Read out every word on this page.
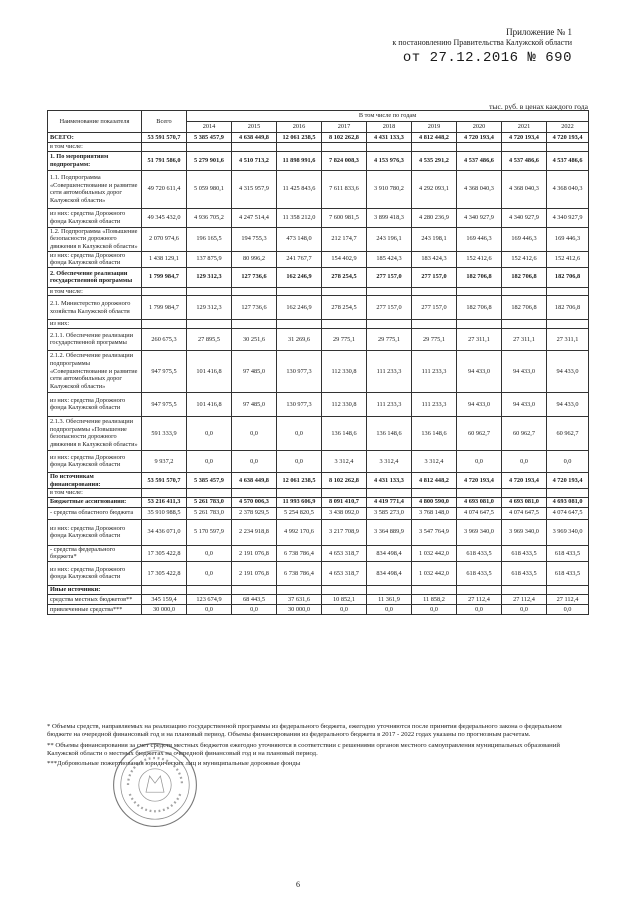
Приложение № 1
к постановлению Правительства Калужской области
от 27.12.2016 № 690
тыс. руб. в ценах каждого года
Наименование показателя	Всего	В том числе по годам								
		2014	2015	2016	2017	2018	2019	2020	2021	2022
ВСЕГО:	53 591 570,7	5 385 457,9	4 638 449,8	12 061 238,5	8 102 262,8	4 431 133,3	4 812 448,2	4 720 193,4	4 720 193,4	4 720 193,4
в том числе:										
1. По мероприятиям подпрограмм:	51 791 586,0	5 279 901,6	4 510 713,2	11 898 991,6	7 824 008,3	4 153 976,3	4 535 291,2	4 537 486,6	4 537 486,6	4 537 486,6
1.1. Подпрограмма «Совершенствование и развитие сети автомобильных дорог Калужской области»	49 720 611,4	5 059 980,1	4 315 957,9	11 425 843,6	7 611 833,6	3 910 780,2	4 292 093,1	4 368 040,3	4 368 040,3	4 368 040,3
из них: средства Дорожного фонда Калужской области	49 345 432,0	4 936 705,2	4 247 514,4	11 358 212,0	7 600 981,5	3 899 418,3	4 280 236,9	4 340 927,9	4 340 927,9	4 340 927,9
1.2. Подпрограмма «Повышение безопасности дорожного движения в Калужской области»	2 070 974,6	196 165,5	194 755,3	473 148,0	212 174,7	243 196,1	243 198,1	169 446,3	169 446,3	169 446,3
из них: средства Дорожного фонда Калужской области	1 438 129,1	137 875,9	80 996,2	241 767,7	154 402,9	185 424,3	183 424,3	152 412,6	152 412,6	152 412,6
2. Обеспечение реализации государственной программы	1 799 984,7	129 312,3	127 736,6	162 246,9	278 254,5	277 157,0	277 157,0	182 706,8	182 706,8	182 706,8
в том числе:										
2.1. Министерство дорожного хозяйства Калужской области	1 799 984,7	129 312,3	127 736,6	162 246,9	278 254,5	277 157,0	277 157,0	182 706,8	182 706,8	182 706,8
из них:										
2.1.1. Обеспечение реализации государственной программы	260 675,3	27 895,5	30 251,6	31 269,6	29 775,1	29 775,1	29 775,1	27 311,1	27 311,1	27 311,1
2.1.2. Обеспечение реализации подпрограммы «Совершенствование и развитие сети автомобильных дорог Калужской области»	947 975,5	101 416,8	97 485,0	130 977,3	112 330,8	111 233,3	111 233,3	94 433,0	94 433,0	94 433,0
из них: средства Дорожного фонда Калужской области	947 975,5	101 416,8	97 485,0	130 977,3	112 330,8	111 233,3	111 233,3	94 433,0	94 433,0	94 433,0
2.1.3. Обеспечение реализации подпрограммы «Повышение безопасности дорожного движения в Калужской области»	591 333,9	0,0	0,0	0,0	136 148,6	136 148,6	136 148,6	60 962,7	60 962,7	60 962,7
из них: средства Дорожного фонда Калужской области	9 937,2	0,0	0,0	0,0	3 312,4	3 312,4	3 312,4	0,0	0,0	0,0
По источникам финансирования:	53 591 570,7	5 385 457,9	4 638 449,8	12 061 238,5	8 102 262,8	4 431 133,3	4 812 448,2	4 720 193,4	4 720 193,4	4 720 193,4
в том числе:										
Бюджетные ассигнования:	53 216 411,3	5 261 783,0	4 570 006,3	11 993 606,9	8 091 410,7	4 419 771,4	4 800 590,0	4 693 081,0	4 693 081,0	4 693 081,0
- средства областного бюджета	35 910 988,5	5 261 783,0	2 378 929,5	5 254 820,5	3 438 092,0	3 585 273,0	3 768 148,0	4 074 647,5	4 074 647,5	4 074 647,5
из них: средства Дорожного фонда Калужской области	34 436 071,0	5 170 597,9	2 234 918,8	4 992 170,6	3 217 708,9	3 364 889,9	3 547 764,9	3 969 340,0	3 969 340,0	3 969 340,0
- средства федерального бюджета*	17 305 422,8	0,0	2 191 076,8	6 738 786,4	4 653 318,7	834 498,4	1 032 442,0	618 433,5	618 433,5	618 433,5
из них: средства Дорожного фонда Калужской области	17 305 422,8	0,0	2 191 076,8	6 738 786,4	4 653 318,7	834 498,4	1 032 442,0	618 433,5	618 433,5	618 433,5
Иные источники:										
средства местных бюджетов**	345 159,4	123 674,9	68 443,5	37 631,6	10 852,1	11 361,9	11 858,2	27 112,4	27 112,4	27 112,4
привлеченные средства***	30 000,0	0,0	0,0	30 000,0	0,0	0,0	0,0	0,0	0,0	0,0

* Объемы средств, направляемых на реализацию государственной программы из федерального бюджета, ежегодно уточняются после принятия федерального закона о федеральном бюджете на очередной финансовый год и на плановый период. Объемы финансирования из федерального бюджета в 2017 - 2022 годах указаны по прогнозным расчетам.

** Объемы финансирования за счет средств местных бюджетов ежегодно уточняются в соответствии с решениями органов местного самоуправления муниципальных образований Калужской области о местных бюджетах на очередной финансовый год и на плановый период.

***Добровольные пожертвования юридических лиц и муниципальные дорожные фонды

6
